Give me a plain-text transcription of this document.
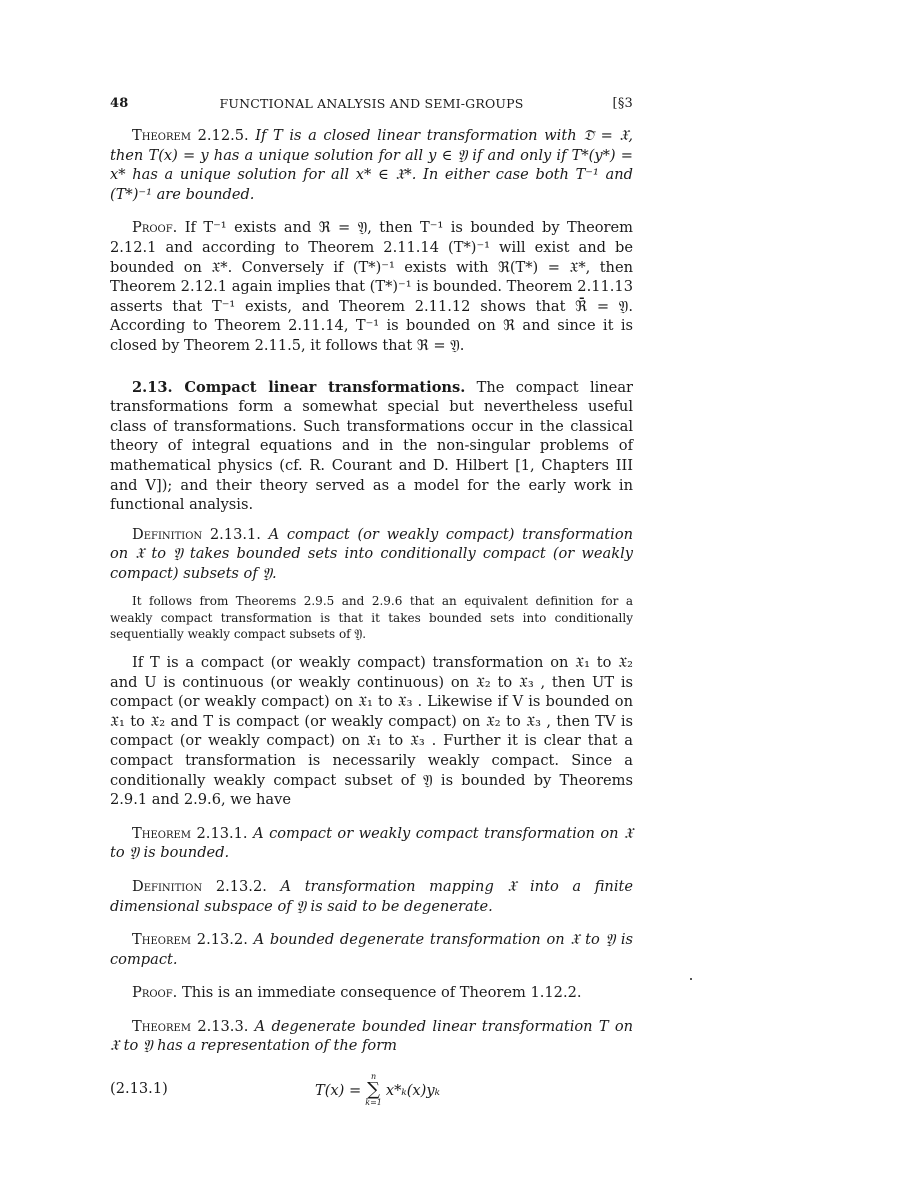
48	FUNCTIONAL ANALYSIS AND SEMI-GROUPS	[§3

Theorem 2.12.5. If T is a closed linear transformation with 𝔇̄ = 𝔛, then T(x) = y has a unique solution for all y ∈ 𝔜 if and only if T*(y*) = x* has a unique solution for all x* ∈ 𝔛*. In either case both T⁻¹ and (T*)⁻¹ are bounded.

Proof. If T⁻¹ exists and ℜ = 𝔜, then T⁻¹ is bounded by Theorem 2.12.1 and according to Theorem 2.11.14 (T*)⁻¹ will exist and be bounded on 𝔛*. Conversely if (T*)⁻¹ exists with ℜ(T*) = 𝔛*, then Theorem 2.12.1 again implies that (T*)⁻¹ is bounded. Theorem 2.11.13 asserts that T⁻¹ exists, and Theorem 2.11.12 shows that ℜ̄ = 𝔜. According to Theorem 2.11.14, T⁻¹ is bounded on ℜ and since it is closed by Theorem 2.11.5, it follows that ℜ = 𝔜.

2.13. Compact linear transformations. The compact linear transformations form a somewhat special but nevertheless useful class of transformations. Such transformations occur in the classical theory of integral equations and in the non-singular problems of mathematical physics (cf. R. Courant and D. Hilbert [1, Chapters III and V]); and their theory served as a model for the early work in functional analysis.

Definition 2.13.1. A compact (or weakly compact) transformation on 𝔛 to 𝔜 takes bounded sets into conditionally compact (or weakly compact) subsets of 𝔜.

It follows from Theorems 2.9.5 and 2.9.6 that an equivalent definition for a weakly compact transformation is that it takes bounded sets into conditionally sequentially weakly compact subsets of 𝔜.

If T is a compact (or weakly compact) transformation on 𝔛₁ to 𝔛₂ and U is continuous (or weakly continuous) on 𝔛₂ to 𝔛₃ , then UT is compact (or weakly compact) on 𝔛₁ to 𝔛₃ . Likewise if V is bounded on 𝔛₁ to 𝔛₂ and T is compact (or weakly compact) on 𝔛₂ to 𝔛₃ , then TV is compact (or weakly compact) on 𝔛₁ to 𝔛₃ . Further it is clear that a compact transformation is necessarily weakly compact. Since a conditionally weakly compact subset of 𝔜 is bounded by Theorems 2.9.1 and 2.9.6, we have

Theorem 2.13.1. A compact or weakly compact transformation on 𝔛 to 𝔜 is bounded.

Definition 2.13.2. A transformation mapping 𝔛 into a finite dimensional subspace of 𝔜 is said to be degenerate.

Theorem 2.13.2. A bounded degenerate transformation on 𝔛 to 𝔜 is compact.

Proof. This is an immediate consequence of Theorem 1.12.2.

Theorem 2.13.3. A degenerate bounded linear transformation T on 𝔛 to 𝔜 has a representation of the form

(2.13.1)	T(x) =
n
∑
k=1
x*ₖ(x)yₖ
